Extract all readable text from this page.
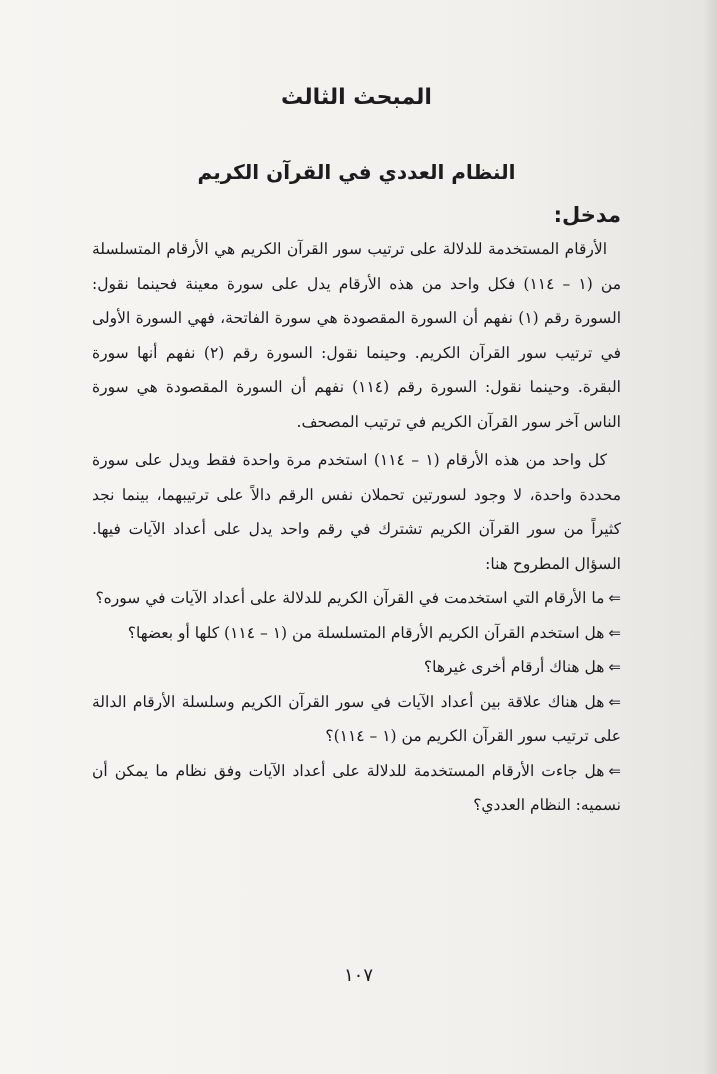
المبحث الثالث
النظام العددي في القرآن الكريم
مدخل:

الأرقام المستخدمة للدلالة على ترتيب سور القرآن الكريم هي الأرقام المتسلسلة من (١ – ١١٤) فكل واحد من هذه الأرقام يدل على سورة معينة فحينما نقول: السورة رقم (١) نفهم أن السورة المقصودة هي سورة الفاتحة، فهي السورة الأولى في ترتيب سور القرآن الكريم. وحينما نقول: السورة رقم (٢) نفهم أنها سورة البقرة. وحينما نقول: السورة رقم (١١٤) نفهم أن السورة المقصودة هي سورة الناس آخر سور القرآن الكريم في ترتيب المصحف.

كل واحد من هذه الأرقام (١ – ١١٤) استخدم مرة واحدة فقط ويدل على سورة محددة واحدة، لا وجود لسورتين تحملان نفس الرقم دالاً على ترتيبهما، بينما نجد كثيراً من سور القرآن الكريم تشترك في رقم واحد يدل على أعداد الآيات فيها. السؤال المطروح هنا:

⇐ما الأرقام التي استخدمت في القرآن الكريم للدلالة على أعداد الآيات في سوره؟

⇐هل استخدم القرآن الكريم الأرقام المتسلسلة من (١ – ١١٤) كلها أو بعضها؟

⇐هل هناك أرقام أخرى غيرها؟

⇐هل هناك علاقة بين أعداد الآيات في سور القرآن الكريم وسلسلة الأرقام الدالة على ترتيب سور القرآن الكريم من (١ – ١١٤)؟

⇐هل جاءت الأرقام المستخدمة للدلالة على أعداد الآيات وفق نظام ما يمكن أن نسميه: النظام العددي؟

١٠٧
